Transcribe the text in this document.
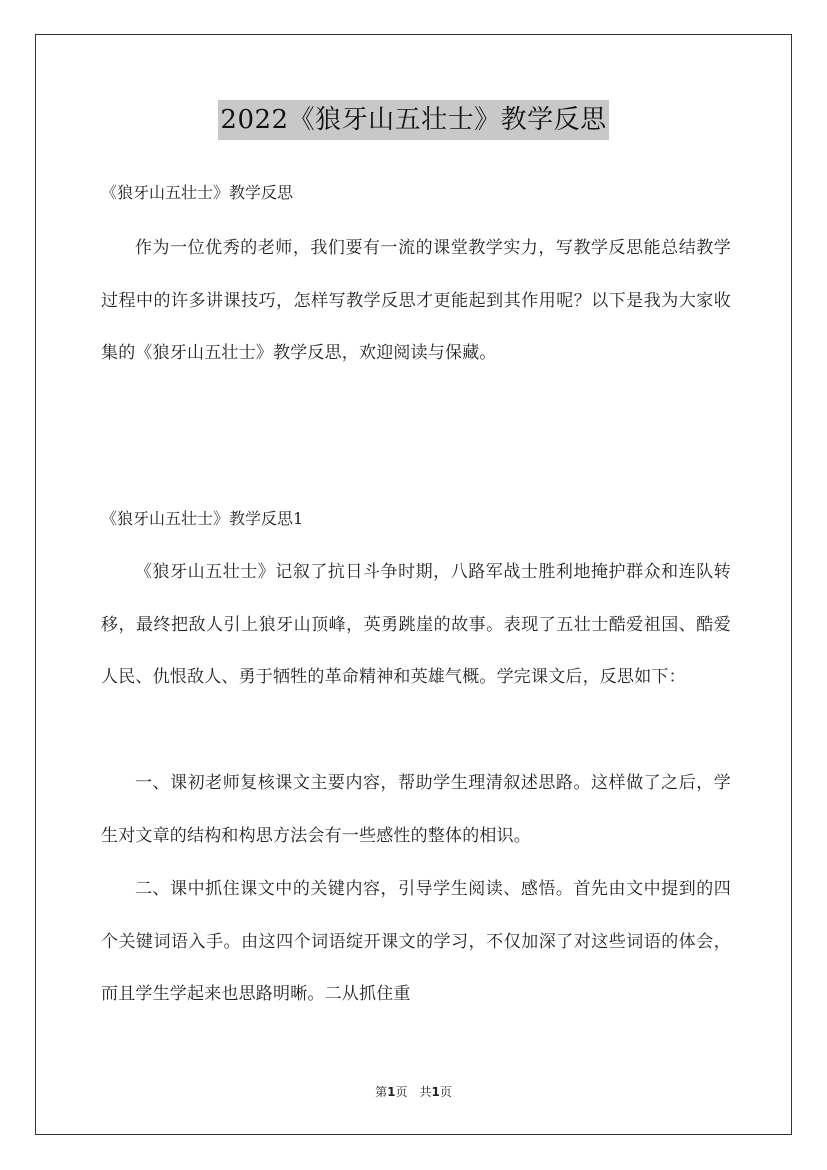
2022《狼牙山五壮士》教学反思

《狼牙山五壮士》教学反思

作为一位优秀的老师，我们要有一流的课堂教学实力，写教学反思能总结教学过程中的许多讲课技巧，怎样写教学反思才更能起到其作用呢？以下是我为大家收集的《狼牙山五壮士》教学反思，欢迎阅读与保藏。

《狼牙山五壮士》教学反思1

《狼牙山五壮士》记叙了抗日斗争时期，八路军战士胜利地掩护群众和连队转移，最终把敌人引上狼牙山顶峰，英勇跳崖的故事。表现了五壮士酷爱祖国、酷爱人民、仇恨敌人、勇于牺牲的革命精神和英雄气概。学完课文后，反思如下：

一、课初老师复核课文主要内容，帮助学生理清叙述思路。这样做了之后，学生对文章的结构和构思方法会有一些感性的整体的相识。

二、课中抓住课文中的关键内容，引导学生阅读、感悟。首先由文中提到的四个关键词语入手。由这四个词语绽开课文的学习，不仅加深了对这些词语的体会，而且学生学起来也思路明晰。二从抓住重

第1页　共1页
